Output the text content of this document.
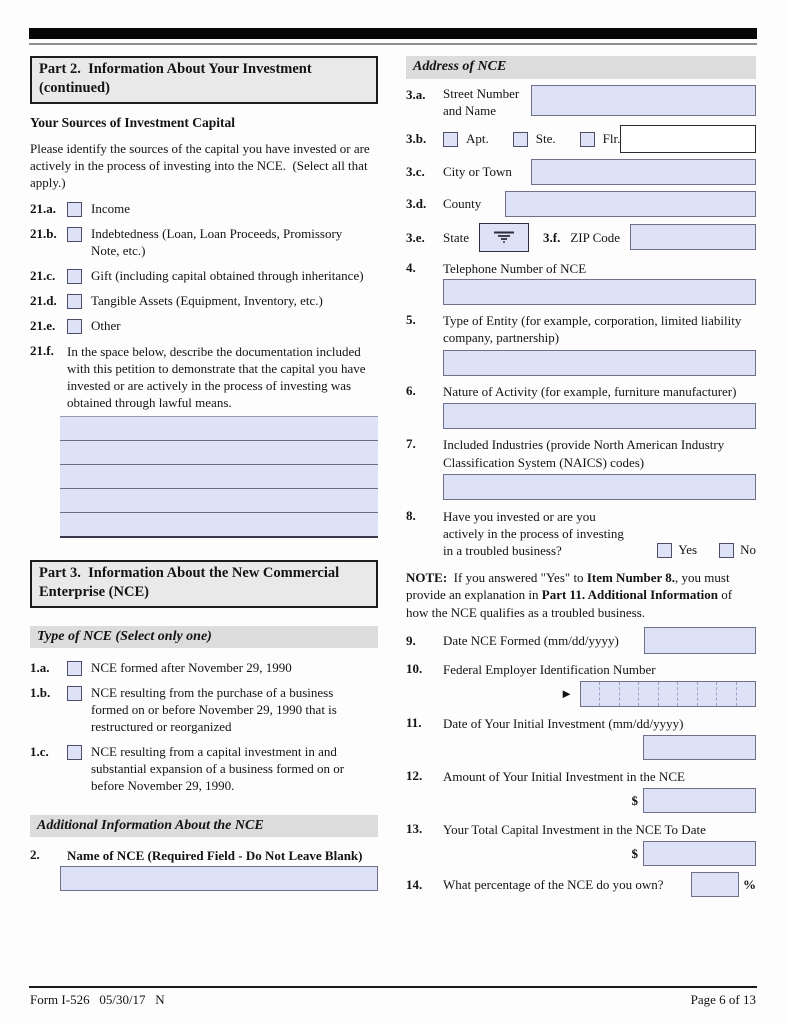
Part 2.  Information About Your Investment
(continued)
Your Sources of Investment Capital
Please identify the sources of the capital you have invested or are actively in the process of investing into the NCE.  (Select all that apply.)
21.a.	Income
21.b.	Indebtedness (Loan, Loan Proceeds, Promissory Note, etc.)
21.c.	Gift (including capital obtained through inheritance)
21.d.	Tangible Assets (Equipment, Inventory, etc.)
21.e.	Other
21.f.	In the space below, describe the documentation included with this petition to demonstrate that the capital you have invested or are actively in the process of investing was obtained through lawful means.
Part 3.  Information About the New Commercial
Enterprise (NCE)
Type of NCE (Select only one)
1.a.	NCE formed after November 29, 1990
1.b.	NCE resulting from the purchase of a business formed on or before November 29, 1990 that is restructured or reorganized
1.c.	NCE resulting from a capital investment in and substantial expansion of a business formed on or before November 29, 1990.
Additional Information About the NCE
2.	Name of NCE (Required Field - Do Not Leave Blank)
Address of NCE
3.a.	Street Number and Name
3.b.	Apt.	Ste.	Flr.
3.c.	City or Town
3.d.	County
3.e.	State	3.f. ZIP Code
4.	Telephone Number of NCE
5.	Type of Entity (for example, corporation, limited liability company, partnership)
6.	Nature of Activity (for example, furniture manufacturer)
7.	Included Industries (provide North American Industry Classification System (NAICS) codes)
8.	Have you invested or are you actively in the process of investing in a troubled business?	Yes	No
NOTE:  If you answered "Yes" to Item Number 8., you must provide an explanation in Part 11. Additional Information of how the NCE qualifies as a troubled business.
9.	Date NCE Formed (mm/dd/yyyy)
10.	Federal Employer Identification Number
►
11.	Date of Your Initial Investment (mm/dd/yyyy)
12.	Amount of Your Initial Investment in the NCE
$
13.	Your Total Capital Investment in the NCE To Date
$
14.	What percentage of the NCE do you own?	%
Form I-526   05/30/17   N	Page 6 of 13
